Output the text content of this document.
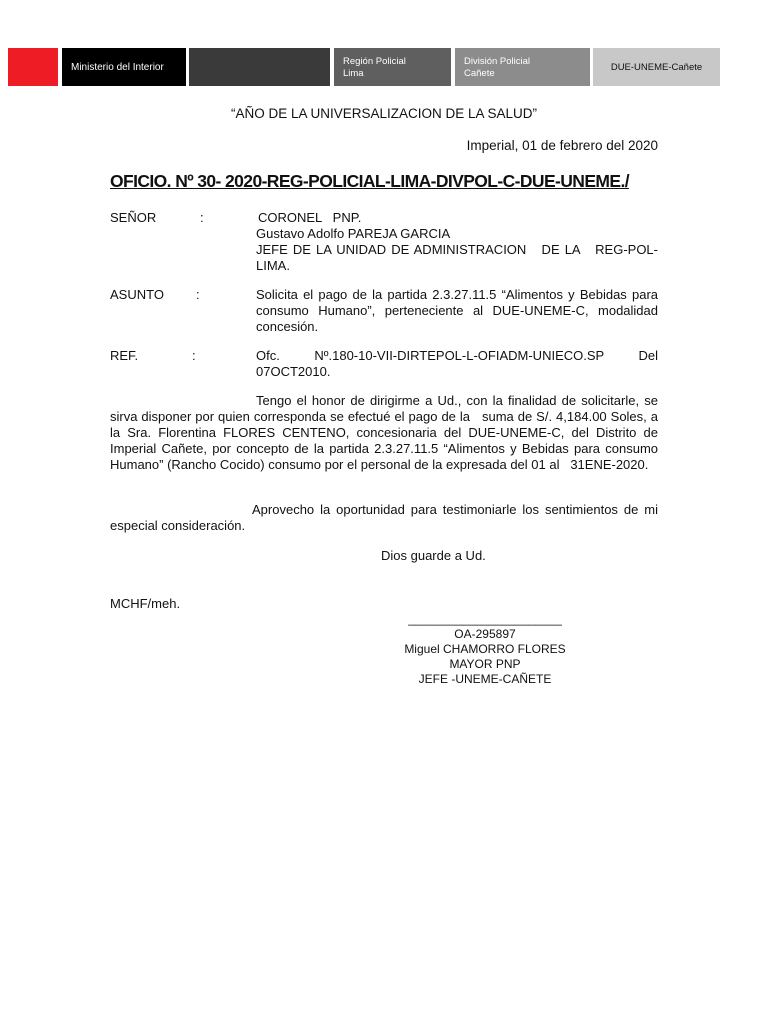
Ministerio del Interior	Región Policial
Lima
División Policial
Cañete
DUE-UNEME-Cañete
“AÑO DE LA UNIVERSALIZACION DE LA SALUD”
Imperial, 01 de febrero del 2020
OFICIO. Nº 30- 2020-REG-POLICIAL-LIMA-DIVPOL-C-DUE-UNEME./
SEÑOR	:	CORONEL   PNP.
Gustavo Adolfo PAREJA GARCIA
JEFE DE LA UNIDAD DE ADMINISTRACION   DE LA   REG-POL-LIMA.
ASUNTO :	Solicita el pago de la partida 2.3.27.11.5 “Alimentos y Bebidas para consumo Humano”, perteneciente al DUE-UNEME-C, modalidad concesión.
REF.	:	Ofc.   Nº.180-10-VII-DIRTEPOL-L-OFIADM-UNIECO.SP   Del 07OCT2010.
Tengo el honor de dirigirme a Ud., con la finalidad de solicitarle, se sirva disponer por quien corresponda se efectué el pago de la   suma de S/. 4,184.00 Soles, a la Sra. Florentina FLORES CENTENO, concesionaria del DUE-UNEME-C, del Distrito de   Imperial Cañete, por concepto de la partida 2.3.27.11.5 “Alimentos y Bebidas para consumo Humano” (Rancho Cocido) consumo por el personal de la expresada del 01 al   31ENE-2020.
Aprovecho la oportunidad para testimoniarle los sentimientos de mi especial consideración.
Dios guarde a Ud.
MCHF/meh.
_______________________
OA-295897
Miguel CHAMORRO FLORES
MAYOR PNP
JEFE -UNEME-CAÑETE
